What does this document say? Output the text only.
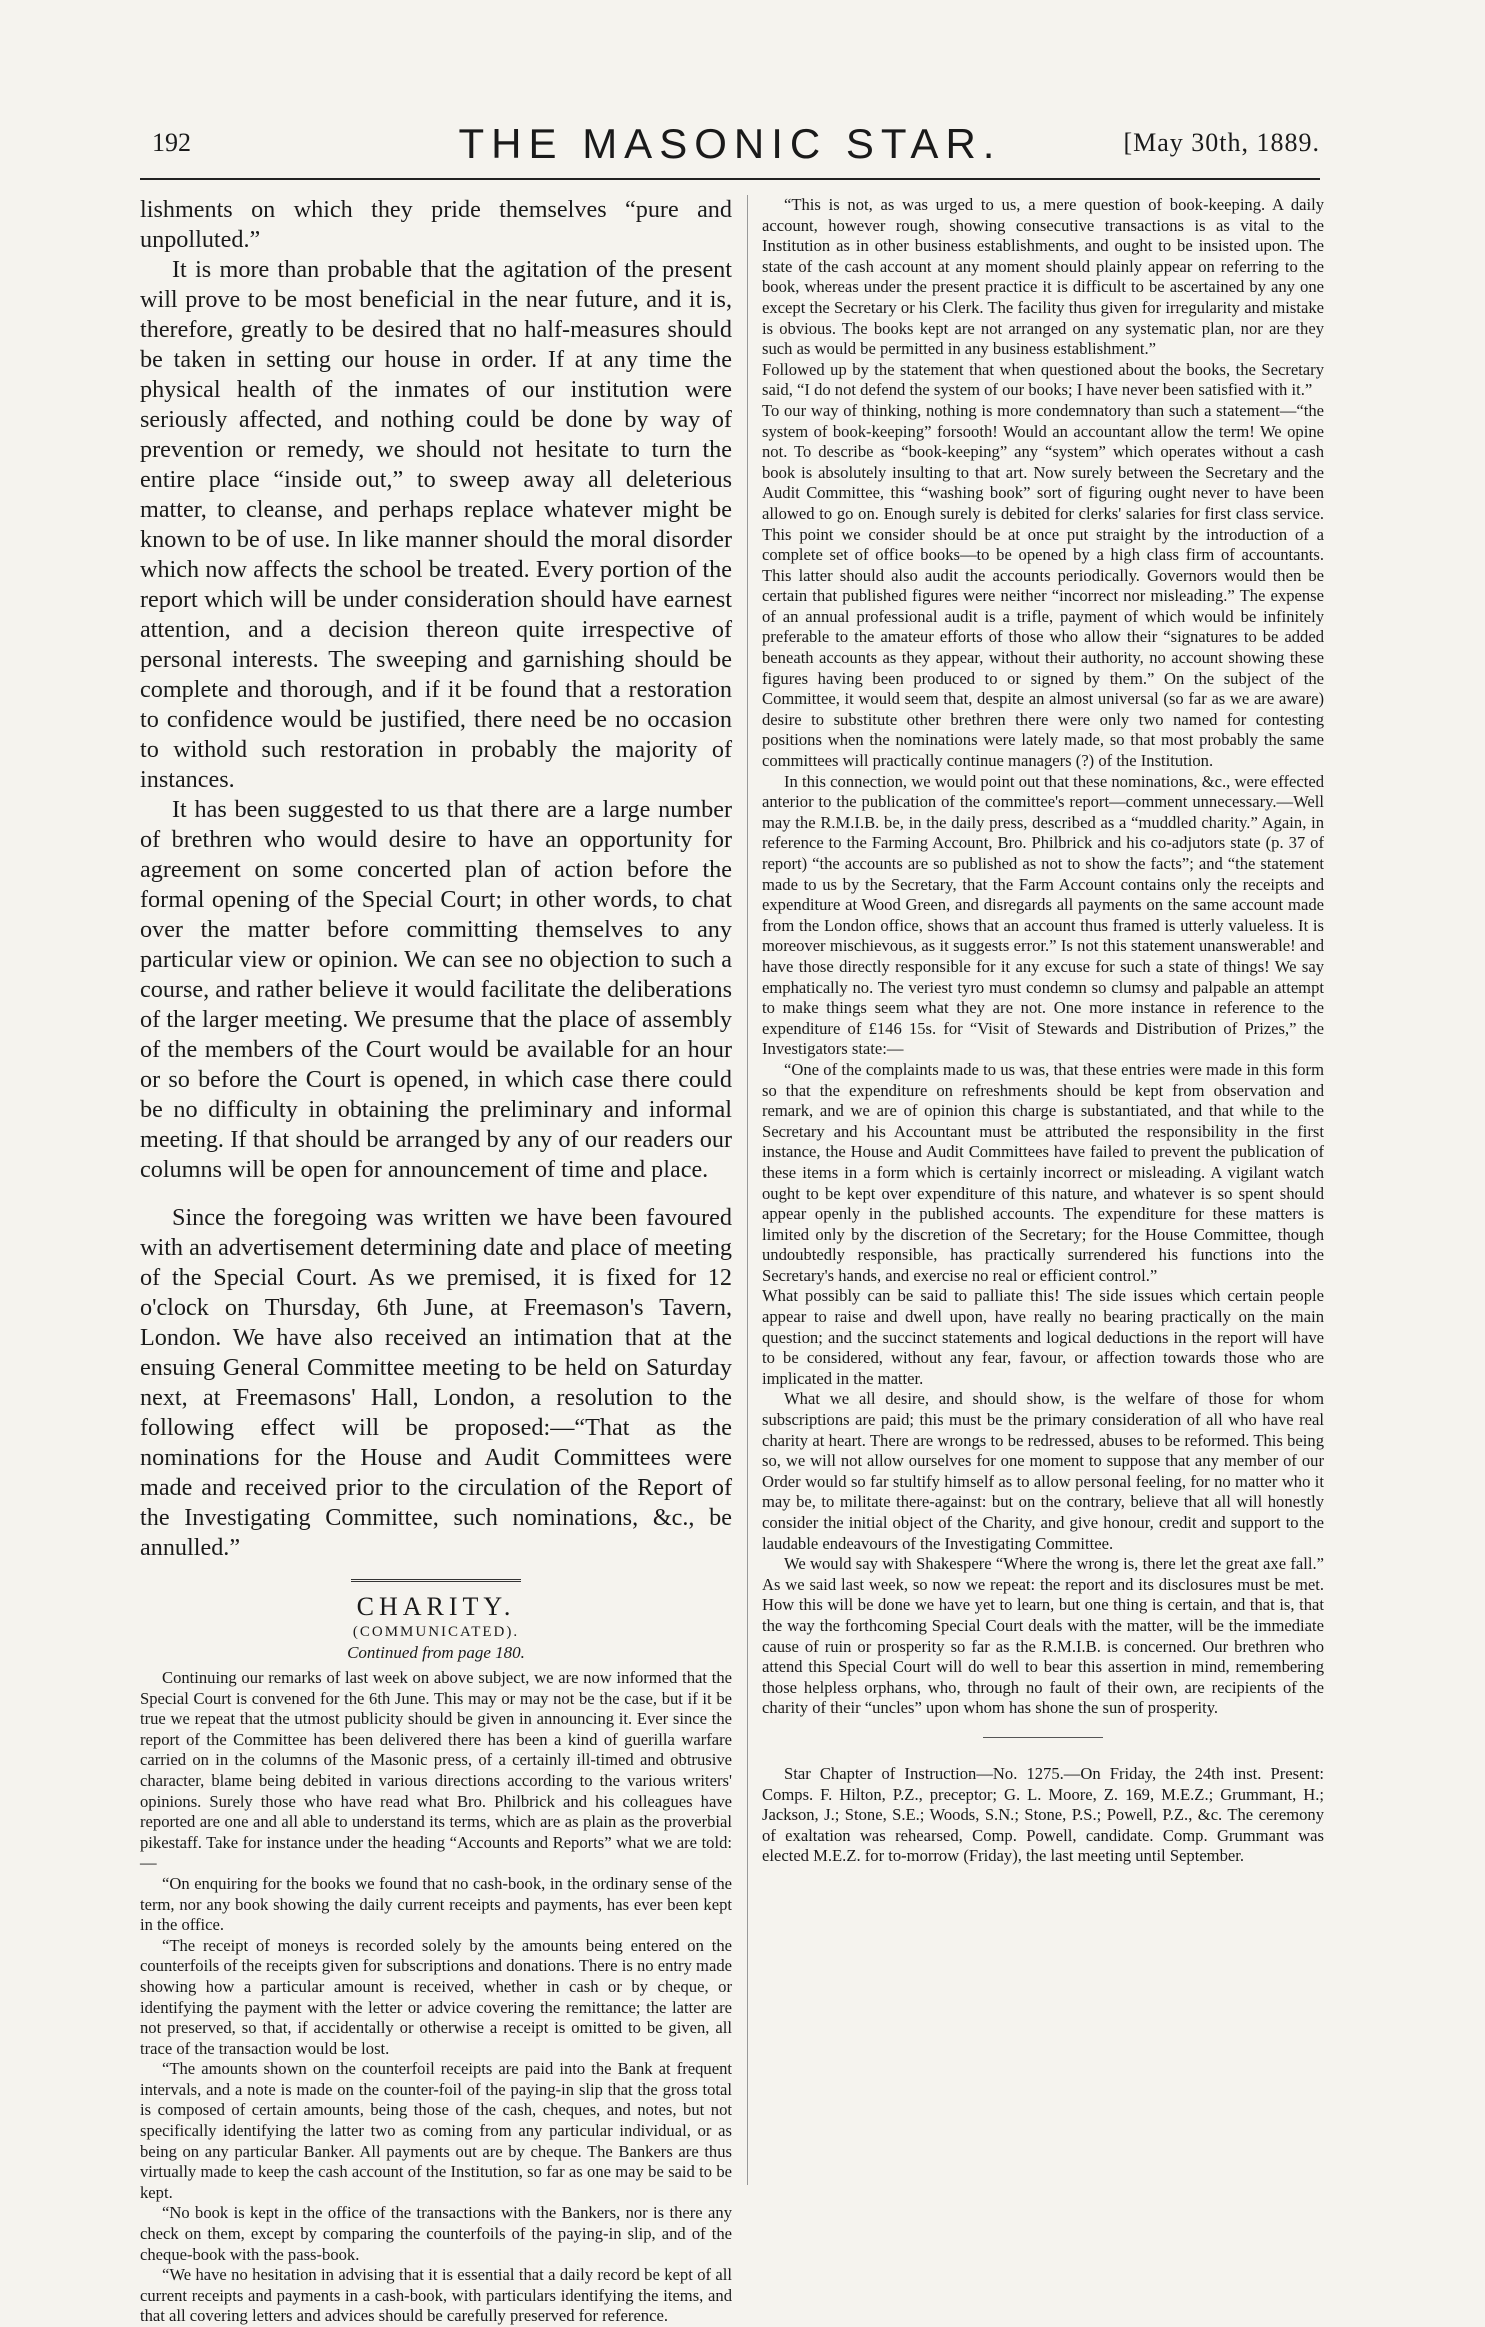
192	THE MASONIC STAR.	[May 30th, 1889.

lishments on which they pride themselves “pure and unpolluted.”

It is more than probable that the agitation of the present will prove to be most beneficial in the near future, and it is, therefore, greatly to be desired that no half-measures should be taken in setting our house in order. If at any time the physical health of the inmates of our institution were seriously affected, and nothing could be done by way of prevention or remedy, we should not hesitate to turn the entire place “inside out,” to sweep away all deleterious matter, to cleanse, and perhaps replace whatever might be known to be of use. In like manner should the moral disorder which now affects the school be treated. Every portion of the report which will be under consideration should have earnest attention, and a decision thereon quite irrespective of personal interests. The sweeping and garnishing should be complete and thorough, and if it be found that a restoration to confidence would be justified, there need be no occasion to withold such restoration in probably the majority of instances.

It has been suggested to us that there are a large number of brethren who would desire to have an opportunity for agreement on some concerted plan of action before the formal opening of the Special Court; in other words, to chat over the matter before committing themselves to any particular view or opinion. We can see no objection to such a course, and rather believe it would facilitate the deliberations of the larger meeting. We presume that the place of assembly of the members of the Court would be available for an hour or so before the Court is opened, in which case there could be no difficulty in obtaining the preliminary and informal meeting. If that should be arranged by any of our readers our columns will be open for announcement of time and place.

Since the foregoing was written we have been favoured with an advertisement determining date and place of meeting of the Special Court. As we premised, it is fixed for 12 o'clock on Thursday, 6th June, at Freemason's Tavern, London. We have also received an intimation that at the ensuing General Committee meeting to be held on Saturday next, at Freemasons' Hall, London, a resolution to the following effect will be proposed:—“That as the nominations for the House and Audit Committees were made and received prior to the circulation of the Report of the Investigating Committee, such nominations, &c., be annulled.”

CHARITY.

(COMMUNICATED).

Continued from page 180.

Continuing our remarks of last week on above subject, we are now informed that the Special Court is convened for the 6th June. This may or may not be the case, but if it be true we repeat that the utmost publicity should be given in announcing it. Ever since the report of the Committee has been delivered there has been a kind of guerilla warfare carried on in the columns of the Masonic press, of a certainly ill-timed and obtrusive character, blame being debited in various directions according to the various writers' opinions. Surely those who have read what Bro. Philbrick and his colleagues have reported are one and all able to understand its terms, which are as plain as the proverbial pikestaff. Take for instance under the heading “Accounts and Reports” what we are told:—

“On enquiring for the books we found that no cash-book, in the ordinary sense of the term, nor any book showing the daily current receipts and payments, has ever been kept in the office.

“The receipt of moneys is recorded solely by the amounts being entered on the counterfoils of the receipts given for subscriptions and donations. There is no entry made showing how a particular amount is received, whether in cash or by cheque, or identifying the payment with the letter or advice covering the remittance; the latter are not preserved, so that, if accidentally or otherwise a receipt is omitted to be given, all trace of the transaction would be lost.

“The amounts shown on the counterfoil receipts are paid into the Bank at frequent intervals, and a note is made on the counter-foil of the paying-in slip that the gross total is composed of certain amounts, being those of the cash, cheques, and notes, but not specifically identifying the latter two as coming from any particular individual, or as being on any particular Banker. All payments out are by cheque. The Bankers are thus virtually made to keep the cash account of the Institution, so far as one may be said to be kept.

“No book is kept in the office of the transactions with the Bankers, nor is there any check on them, except by comparing the counterfoils of the paying-in slip, and of the cheque-book with the pass-book.

“We have no hesitation in advising that it is essential that a daily record be kept of all current receipts and payments in a cash-book, with particulars identifying the items, and that all covering letters and advices should be carefully preserved for reference.

“This is not, as was urged to us, a mere question of book-keeping. A daily account, however rough, showing consecutive transactions is as vital to the Institution as in other business establishments, and ought to be insisted upon. The state of the cash account at any moment should plainly appear on referring to the book, whereas under the present practice it is difficult to be ascertained by any one except the Secretary or his Clerk. The facility thus given for irregularity and mistake is obvious. The books kept are not arranged on any systematic plan, nor are they such as would be permitted in any business establishment.”

Followed up by the statement that when questioned about the books, the Secretary said, “I do not defend the system of our books; I have never been satisfied with it.”

To our way of thinking, nothing is more condemnatory than such a statement—“the system of book-keeping” forsooth! Would an accountant allow the term! We opine not. To describe as “book-keeping” any “system” which operates without a cash book is absolutely insulting to that art. Now surely between the Secretary and the Audit Committee, this “washing book” sort of figuring ought never to have been allowed to go on. Enough surely is debited for clerks' salaries for first class service. This point we consider should be at once put straight by the introduction of a complete set of office books—to be opened by a high class firm of accountants. This latter should also audit the accounts periodically. Governors would then be certain that published figures were neither “incorrect nor misleading.” The expense of an annual professional audit is a trifle, payment of which would be infinitely preferable to the amateur efforts of those who allow their “signatures to be added beneath accounts as they appear, without their authority, no account showing these figures having been produced to or signed by them.” On the subject of the Committee, it would seem that, despite an almost universal (so far as we are aware) desire to substitute other brethren there were only two named for contesting positions when the nominations were lately made, so that most probably the same committees will practically continue managers (?) of the Institution.

In this connection, we would point out that these nominations, &c., were effected anterior to the publication of the committee's report—comment unnecessary.—Well may the R.M.I.B. be, in the daily press, described as a “muddled charity.” Again, in reference to the Farming Account, Bro. Philbrick and his co-adjutors state (p. 37 of report) “the accounts are so published as not to show the facts”; and “the statement made to us by the Secretary, that the Farm Account contains only the receipts and expenditure at Wood Green, and disregards all payments on the same account made from the London office, shows that an account thus framed is utterly valueless. It is moreover mischievous, as it suggests error.” Is not this statement unanswerable! and have those directly responsible for it any excuse for such a state of things! We say emphatically no. The veriest tyro must condemn so clumsy and palpable an attempt to make things seem what they are not. One more instance in reference to the expenditure of £146 15s. for “Visit of Stewards and Distribution of Prizes,” the Investigators state:—

“One of the complaints made to us was, that these entries were made in this form so that the expenditure on refreshments should be kept from observation and remark, and we are of opinion this charge is substantiated, and that while to the Secretary and his Accountant must be attributed the responsibility in the first instance, the House and Audit Committees have failed to prevent the publication of these items in a form which is certainly incorrect or misleading. A vigilant watch ought to be kept over expenditure of this nature, and whatever is so spent should appear openly in the published accounts. The expenditure for these matters is limited only by the discretion of the Secretary; for the House Committee, though undoubtedly responsible, has practically surrendered his functions into the Secretary's hands, and exercise no real or efficient control.”

What possibly can be said to palliate this! The side issues which certain people appear to raise and dwell upon, have really no bearing practically on the main question; and the succinct statements and logical deductions in the report will have to be considered, without any fear, favour, or affection towards those who are implicated in the matter.

What we all desire, and should show, is the welfare of those for whom subscriptions are paid; this must be the primary consideration of all who have real charity at heart. There are wrongs to be redressed, abuses to be reformed. This being so, we will not allow ourselves for one moment to suppose that any member of our Order would so far stultify himself as to allow personal feeling, for no matter who it may be, to militate there-against: but on the contrary, believe that all will honestly consider the initial object of the Charity, and give honour, credit and support to the laudable endeavours of the Investigating Committee.

We would say with Shakespere “Where the wrong is, there let the great axe fall.” As we said last week, so now we repeat: the report and its disclosures must be met. How this will be done we have yet to learn, but one thing is certain, and that is, that the way the forthcoming Special Court deals with the matter, will be the immediate cause of ruin or prosperity so far as the R.M.I.B. is concerned. Our brethren who attend this Special Court will do well to bear this assertion in mind, remembering those helpless orphans, who, through no fault of their own, are recipients of the charity of their “uncles” upon whom has shone the sun of prosperity.

Star Chapter of Instruction—No. 1275.—On Friday, the 24th inst. Present: Comps. F. Hilton, P.Z., preceptor; G. L. Moore, Z. 169, M.E.Z.; Grummant, H.; Jackson, J.; Stone, S.E.; Woods, S.N.; Stone, P.S.; Powell, P.Z., &c. The ceremony of exaltation was rehearsed, Comp. Powell, candidate. Comp. Grummant was elected M.E.Z. for to-morrow (Friday), the last meeting until September.
